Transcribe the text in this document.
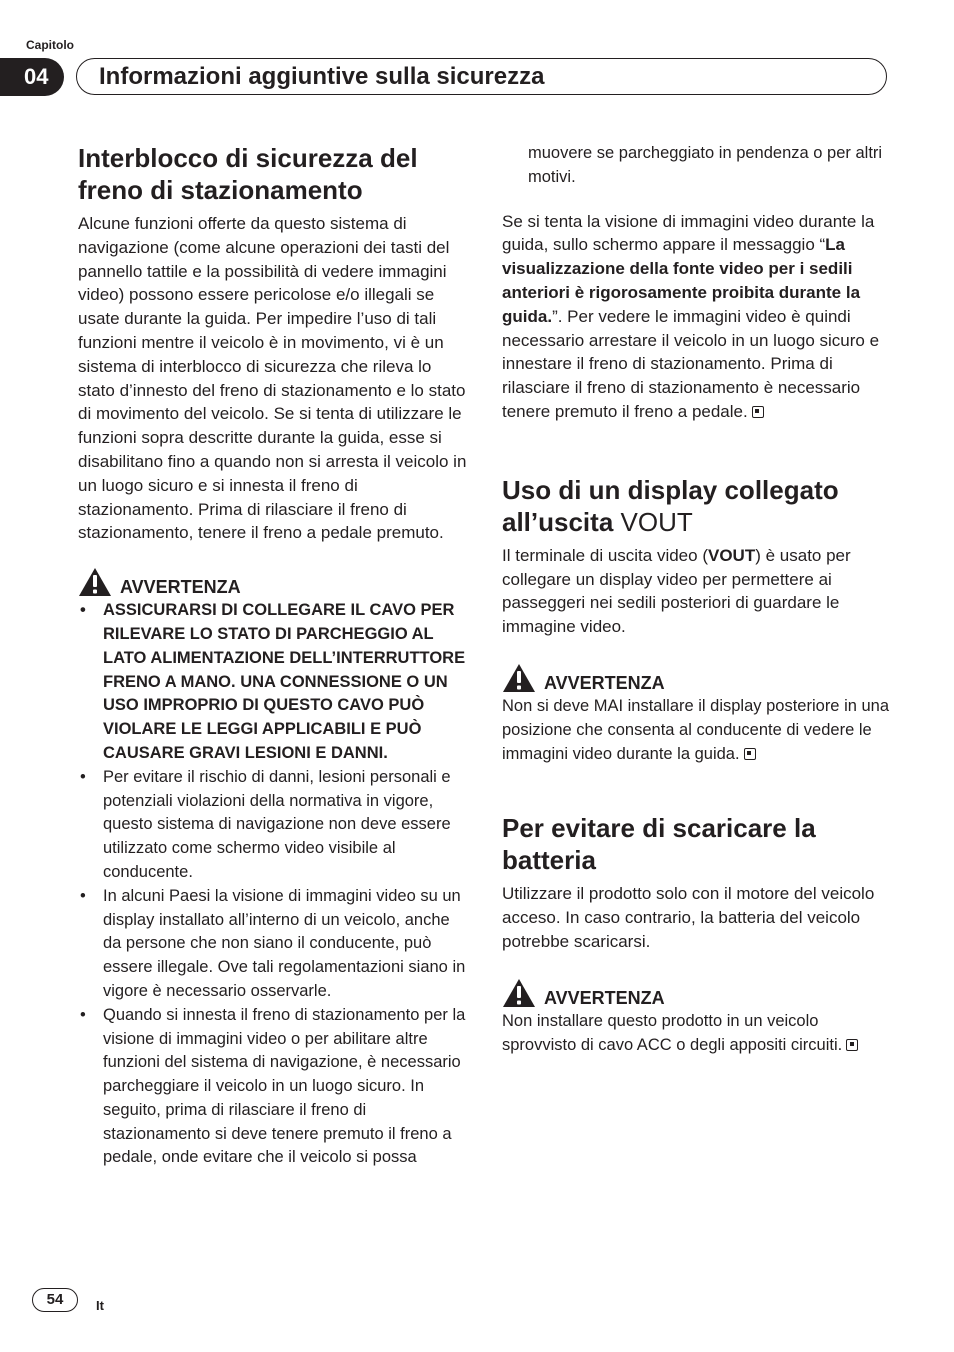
Capitolo
04	Informazioni aggiuntive sulla sicurezza
Interblocco di sicurezza del freno di stazionamento

Alcune funzioni offerte da questo sistema di navigazione (come alcune operazioni dei tasti del pannello tattile e la possibilità di vedere immagini video) possono essere pericolose e/o illegali se usate durante la guida. Per impedire l’uso di tali funzioni mentre il veicolo è in movimento, vi è un sistema di interblocco di sicurezza che rileva lo stato d’innesto del freno di stazionamento e lo stato di movimento del veicolo. Se si tenta di utilizzare le funzioni sopra descritte durante la guida, esse si disabilitano fino a quando non si arresta il veicolo in un luogo sicuro e si innesta il freno di stazionamento. Prima di rilasciare il freno di stazionamento, tenere il freno a pedale premuto.

AVVERTENZA
• ASSICURARSI DI COLLEGARE IL CAVO PER RILEVARE LO STATO DI PARCHEGGIO AL LATO ALIMENTAZIONE DELL’INTERRUTTORE FRENO A MANO. UNA CONNESSIONE O UN USO IMPROPRIO DI QUESTO CAVO PUÒ VIOLARE LE LEGGI APPLICABILI E PUÒ CAUSARE GRAVI LESIONI E DANNI.
• Per evitare il rischio di danni, lesioni personali e potenziali violazioni della normativa in vigore, questo sistema di navigazione non deve essere utilizzato come schermo video visibile al conducente.
• In alcuni Paesi la visione di immagini video su un display installato all’interno di un veicolo, anche da persone che non siano il conducente, può essere illegale. Ove tali regolamentazioni siano in vigore è necessario osservarle.
• Quando si innesta il freno di stazionamento per la visione di immagini video o per abilitare altre funzioni del sistema di navigazione, è necessario parcheggiare il veicolo in un luogo sicuro. In seguito, prima di rilasciare il freno di stazionamento si deve tenere premuto il freno a pedale, onde evitare che il veicolo si possa

muovere se parcheggiato in pendenza o per altri motivi.

Se si tenta la visione di immagini video durante la guida, sullo schermo appare il messaggio “La visualizzazione della fonte video per i sedili anteriori è rigorosamente proibita durante la guida.”. Per vedere le immagini video è quindi necessario arrestare il veicolo in un luogo sicuro e innestare il freno di stazionamento. Prima di rilasciare il freno di stazionamento è necessario tenere premuto il freno a pedale.

Uso di un display collegato all’uscita VOUT

Il terminale di uscita video (VOUT) è usato per collegare un display video per permettere ai passeggeri nei sedili posteriori di guardare le immagine video.

AVVERTENZA

Non si deve MAI installare il display posteriore in una posizione che consenta al conducente di vedere le immagini video durante la guida.

Per evitare di scaricare la batteria

Utilizzare il prodotto solo con il motore del veicolo acceso. In caso contrario, la batteria del veicolo potrebbe scaricarsi.

AVVERTENZA

Non installare questo prodotto in un veicolo sprovvisto di cavo ACC o degli appositi circuiti.

54	It
